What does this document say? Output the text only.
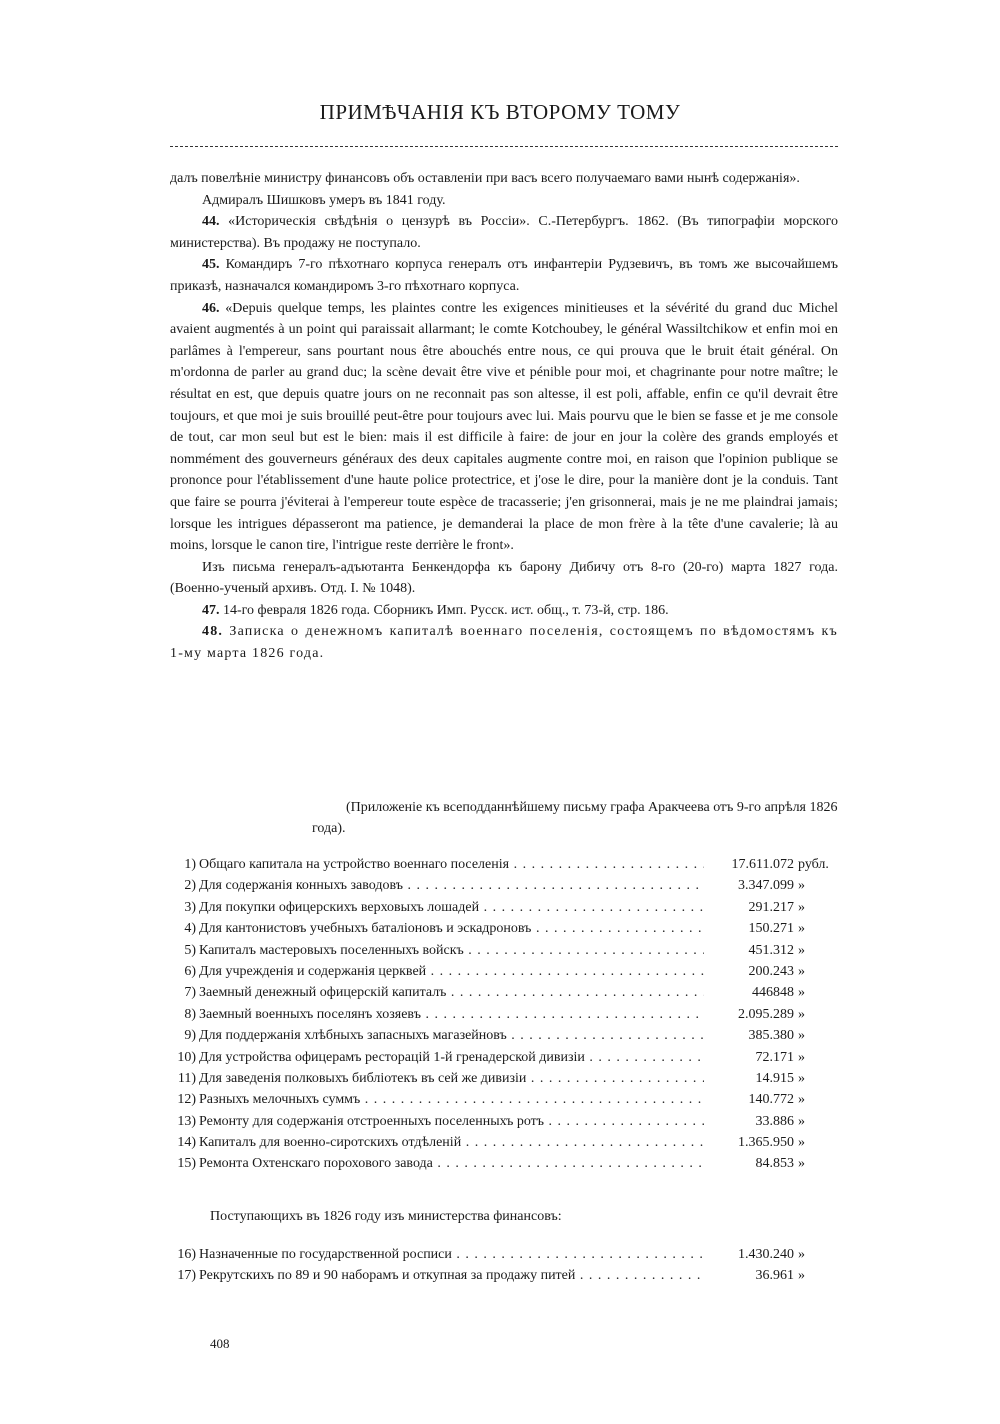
ПРИМѢЧАНІЯ КЪ ВТОРОМУ ТОМУ

далъ повелѣніе министру финансовъ объ оставленіи при васъ всего получаемаго вами нынѣ содержанія».

Адмиралъ Шишковъ умеръ въ 1841 году.

44. «Историческія свѣдѣнія о цензурѣ въ Россіи». С.-Петербургъ. 1862. (Въ типографіи морского министерства). Въ продажу не поступало.

45. Командиръ 7-го пѣхотнаго корпуса генералъ отъ инфантеріи Рудзевичъ, въ томъ же высочайшемъ приказѣ, назначался командиромъ 3-го пѣхотнаго корпуса.

46. «Depuis quelque temps, les plaintes contre les exigences minitieuses et la sévérité du grand duc Michel avaient augmentés à un point qui paraissait allarmant; le comte Kotchoubey, le général Wassiltchikow et enfin moi en parlâmes à l'empereur, sans pourtant nous être abouchés entre nous, ce qui prouva que le bruit était général. On m'ordonna de parler au grand duc; la scène devait être vive et pénible pour moi, et chagrinante pour notre maître; le résultat en est, que depuis quatre jours on ne reconnait pas son altesse, il est poli, affable, enfin ce qu'il devrait être toujours, et que moi je suis brouillé peut-être pour toujours avec lui. Mais pourvu que le bien se fasse et je me console de tout, car mon seul but est le bien: mais il est difficile à faire: de jour en jour la colère des grands employés et nommément des gouverneurs généraux des deux capitales augmente contre moi, en raison que l'opinion publique se prononce pour l'établissement d'une haute police protectrice, et j'ose le dire, pour la manière dont je la conduis. Tant que faire se pourra j'éviterai à l'empereur toute espèce de tracasserie; j'en grisonnerai, mais je ne me plaindrai jamais; lorsque les intrigues dépasseront ma patience, je demanderai la place de mon frère à la tête d'une cavalerie; là au moins, lorsque le canon tire, l'intrigue reste derrière le front».

Изъ письма генералъ-адъютанта Бенкендорфа къ барону Дибичу отъ 8-го (20-го) марта 1827 года. (Военно-ученый архивъ. Отд. I. № 1048).

47. 14-го февраля 1826 года. Сборникъ Имп. Русск. ист. общ., т. 73-й, стр. 186.

48. Записка о денежномъ капиталѣ военнаго поселенія, состоящемъ по вѣдомостямъ къ 1-му марта 1826 года.

(Приложеніе къ всеподданнѣйшему письму графа Аракчеева отъ 9-го апрѣля 1826 года).

1) Общаго капитала на устройство военнаго поселенія . . .	17.611.072 рубл.
2) Для содержанія конныхъ заводовъ . . .	3.347.099 »
3) Для покупки офицерскихъ верховыхъ лошадей . . .	291.217 »
4) Для кантонистовъ учебныхъ баталіоновъ и эскадроновъ . . .	150.271 »
5) Капиталъ мастеровыхъ поселенныхъ войскъ . . .	451.312 »
6) Для учрежденія и содержанія церквей . . .	200.243 »
7) Заемный денежный офицерскій капиталъ . . .	446848 »
8) Заемный военныхъ поселянъ хозяевъ . . .	2.095.289 »
9) Для поддержанія хлѣбныхъ запасныхъ магазейновъ . . .	385.380 »
10) Для устройства офицерамъ ресторацій 1-й гренадерской дивизіи . . .	72.171 »
11) Для заведенія полковыхъ библіотекъ въ сей же дивизіи . . .	14.915 »
12) Разныхъ мелочныхъ суммъ . . .	140.772 »
13) Ремонту для содержанія отстроенныхъ поселенныхъ ротъ . . .	33.886 »
14) Капиталъ для военно-сиротскихъ отдѣленій . . .	1.365.950 »
15) Ремонта Охтенскаго порохового завода . . .	84.853 »
Поступающихъ въ 1826 году изъ министерства финансовъ:
16) Назначенные по государственной росписи . . .	1.430.240 »
17) Рекрутскихъ по 89 и 90 наборамъ и откупная за продажу питей . . .	36.961 »
408
